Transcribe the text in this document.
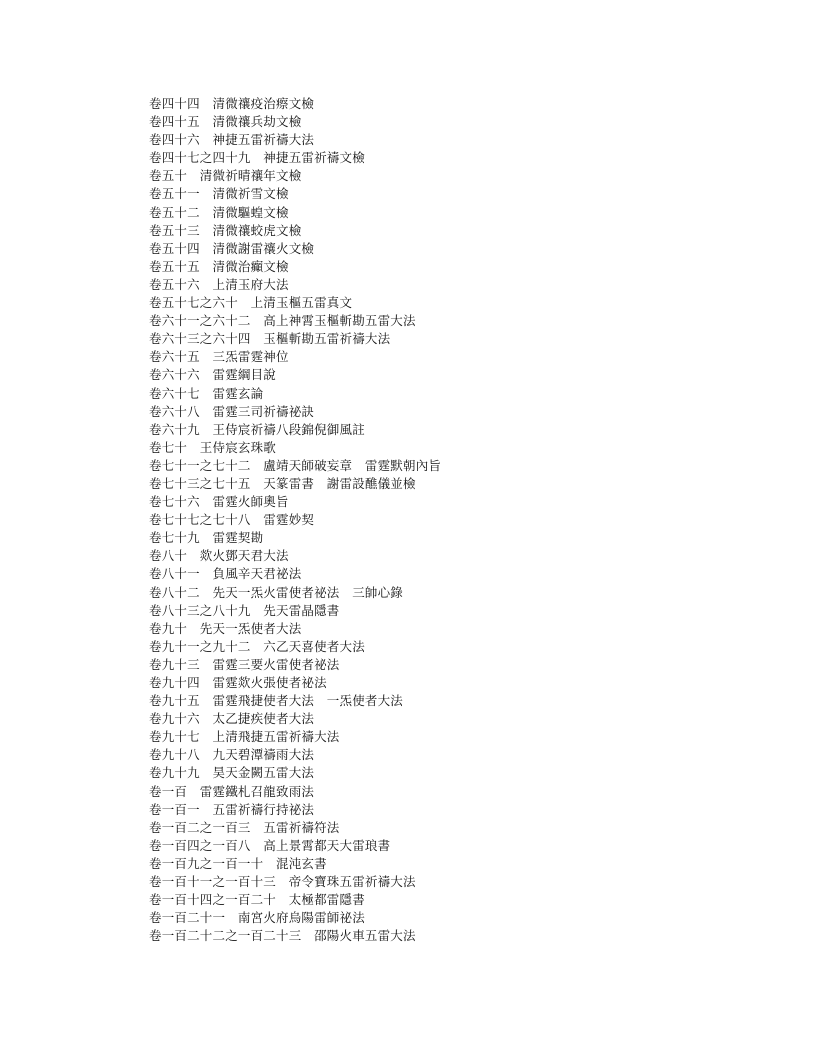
卷四十四　清微禳疫治瘵文檢
卷四十五　清微禳兵劫文檢
卷四十六　神捷五雷祈禱大法
卷四十七之四十九　神捷五雷祈禱文檢
卷五十　清微祈晴禳年文檢
卷五十一　清微祈雪文檢
卷五十二　清微驅蝗文檢
卷五十三　清微禳蛟虎文檢
卷五十四　清微謝雷禳火文檢
卷五十五　清微治癲文檢
卷五十六　上清玉府大法
卷五十七之六十　上清玉樞五雷真文
卷六十一之六十二　高上神霄玉樞斬勘五雷大法
卷六十三之六十四　玉樞斬勘五雷祈禱大法
卷六十五　三炁雷霆神位
卷六十六　雷霆綱目說
卷六十七　雷霆玄論
卷六十八　雷霆三司祈禱祕訣
卷六十九　王侍宸祈禱八段錦倪御風註
卷七十　王侍宸玄珠歌
卷七十一之七十二　盧靖天師破妄章　雷霆默朝內旨
卷七十三之七十五　天篆雷書　謝雷設醮儀並檢
卷七十六　雷霆火師奧旨
卷七十七之七十八　雷霆妙契
卷七十九　雷霆契勘
卷八十　欻火鄧天君大法
卷八十一　負風辛天君祕法
卷八十二　先天一炁火雷使者祕法　三帥心錄
卷八十三之八十九　先天雷晶隱書
卷九十　先天一炁使者大法
卷九十一之九十二　六乙天喜使者大法
卷九十三　雷霆三要火雷使者祕法
卷九十四　雷霆欻火張使者祕法
卷九十五　雷霆飛捷使者大法　一炁使者大法
卷九十六　太乙捷疾使者大法
卷九十七　上清飛捷五雷祈禱大法
卷九十八　九天碧潭禱雨大法
卷九十九　昊天金闕五雷大法
卷一百　雷霆鐵札召龍致雨法
卷一百一　五雷祈禱行持祕法
卷一百二之一百三　五雷祈禱符法
卷一百四之一百八　高上景霄都天大雷琅書
卷一百九之一百一十　混沌玄書
卷一百十一之一百十三　帝令寶珠五雷祈禱大法
卷一百十四之一百二十　太極都雷隱書
卷一百二十一　南宮火府烏陽雷師祕法
卷一百二十二之一百二十三　邵陽火車五雷大法
